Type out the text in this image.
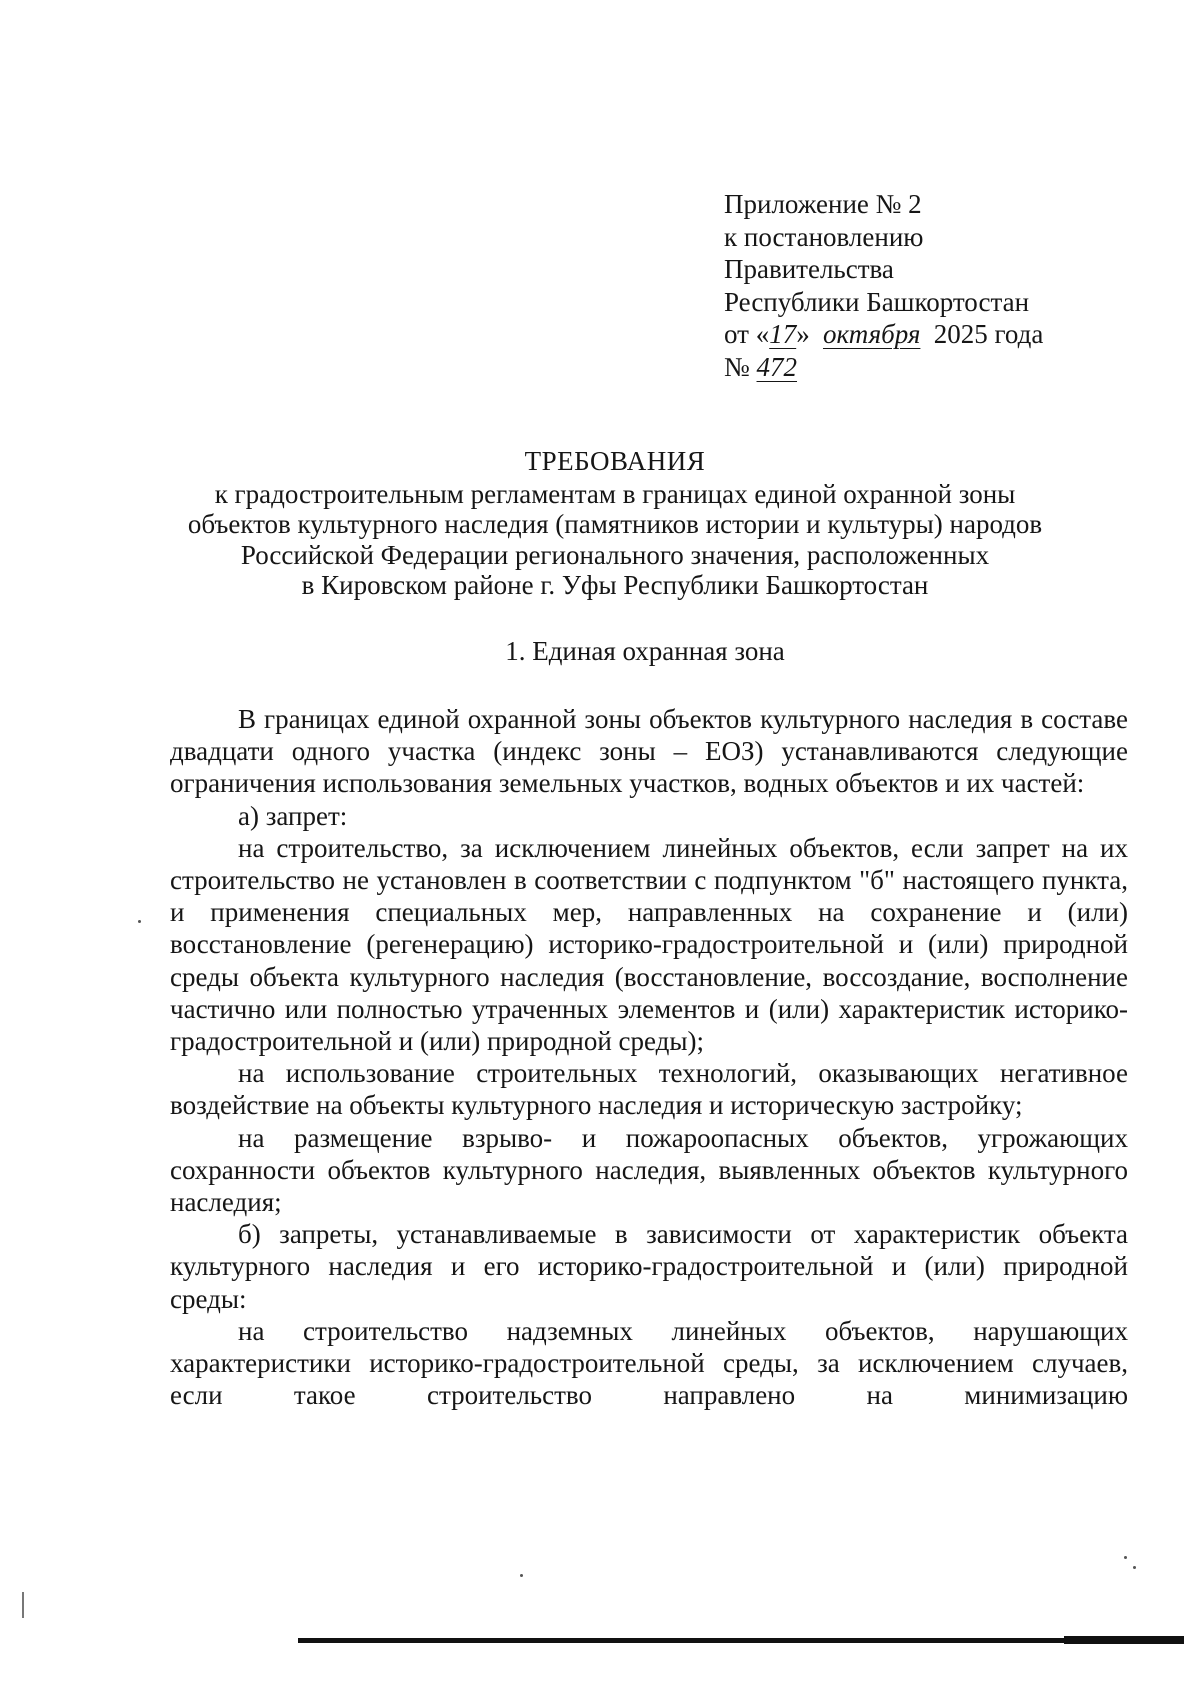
Приложение № 2
к постановлению
Правительства
Республики Башкортостан
от «17» октября 2025 года
№ 472
ТРЕБОВАНИЯ
к градостроительным регламентам в границах единой охранной зоны
объектов культурного наследия (памятников истории и культуры) народов
Российской Федерации регионального значения, расположенных
в Кировском районе г. Уфы Республики Башкортостан
1. Единая охранная зона

В границах единой охранной зоны объектов культурного наследия в составе двадцати одного участка (индекс зоны – ЕОЗ) устанавливаются следующие ограничения использования земельных участков, водных объектов и их частей:

а) запрет:

на строительство, за исключением линейных объектов, если запрет на их строительство не установлен в соответствии с подпунктом "б" настоящего пункта, и применения специальных мер, направленных на сохранение и (или) восстановление (регенерацию) историко-градостроительной и (или) природной среды объекта культурного наследия (восстановление, воссоздание, восполнение частично или полностью утраченных элементов и (или) характеристик историко-градостроительной и (или) природной среды);

на использование строительных технологий, оказывающих негативное воздействие на объекты культурного наследия и историческую застройку;

на размещение взрыво- и пожароопасных объектов, угрожающих сохранности объектов культурного наследия, выявленных объектов культурного наследия;

б) запреты, устанавливаемые в зависимости от характеристик объекта культурного наследия и его историко-градостроительной и (или) природной среды:

на строительство надземных линейных объектов, нарушающих характеристики историко-градостроительной среды, за исключением случаев, если такое строительство направлено на минимизацию
